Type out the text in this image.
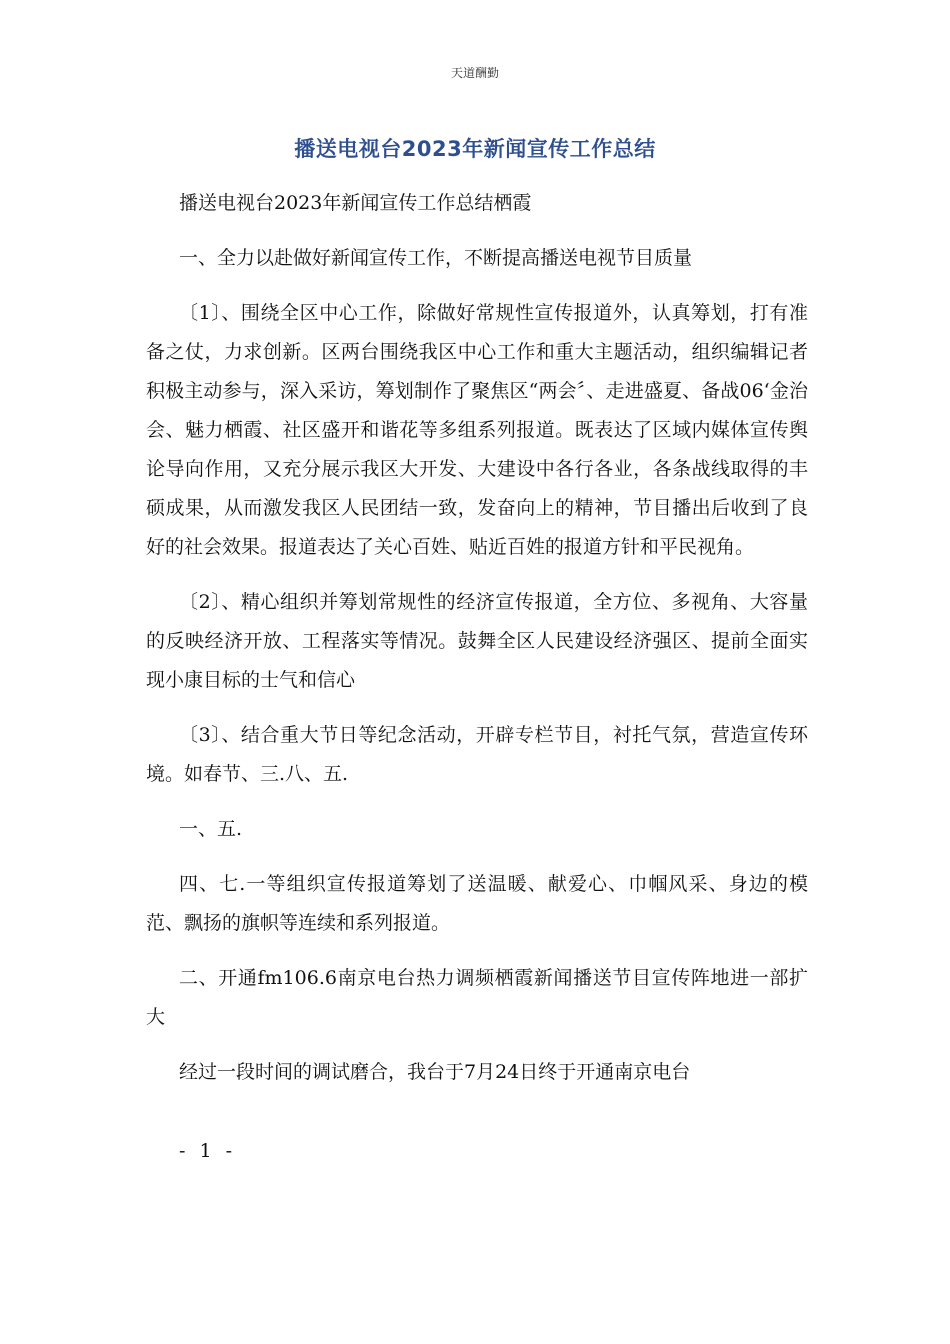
天道酬勤
播送电视台2023年新闻宣传工作总结

播送电视台2023年新闻宣传工作总结栖霞

一、全力以赴做好新闻宣传工作，不断提高播送电视节目质量

〔1〕、围绕全区中心工作，除做好常规性宣传报道外，认真筹划，打有准备之仗，力求创新。区两台围绕我区中心工作和重大主题活动，组织编辑记者积极主动参与，深入采访，筹划制作了聚焦区“两会〞、走进盛夏、备战06‘金治会、魅力栖霞、社区盛开和谐花等多组系列报道。既表达了区域内媒体宣传舆论导向作用，又充分展示我区大开发、大建设中各行各业，各条战线取得的丰硕成果，从而激发我区人民团结一致，发奋向上的精神，节目播出后收到了良好的社会效果。报道表达了关心百姓、贴近百姓的报道方针和平民视角。

〔2〕、精心组织并筹划常规性的经济宣传报道，全方位、多视角、大容量的反映经济开放、工程落实等情况。鼓舞全区人民建设经济强区、提前全面实现小康目标的士气和信心

〔3〕、结合重大节日等纪念活动，开辟专栏节目，衬托气氛，营造宣传环境。如春节、三.八、五.

一、五.

四、七.一等组织宣传报道筹划了送温暖、献爱心、巾帼风采、身边的模范、飘扬的旗帜等连续和系列报道。

二、开通fm106.6南京电台热力调频栖霞新闻播送节目宣传阵地进一部扩大

经过一段时间的调试磨合，我台于7月24日终于开通南京电台

- 1 -
